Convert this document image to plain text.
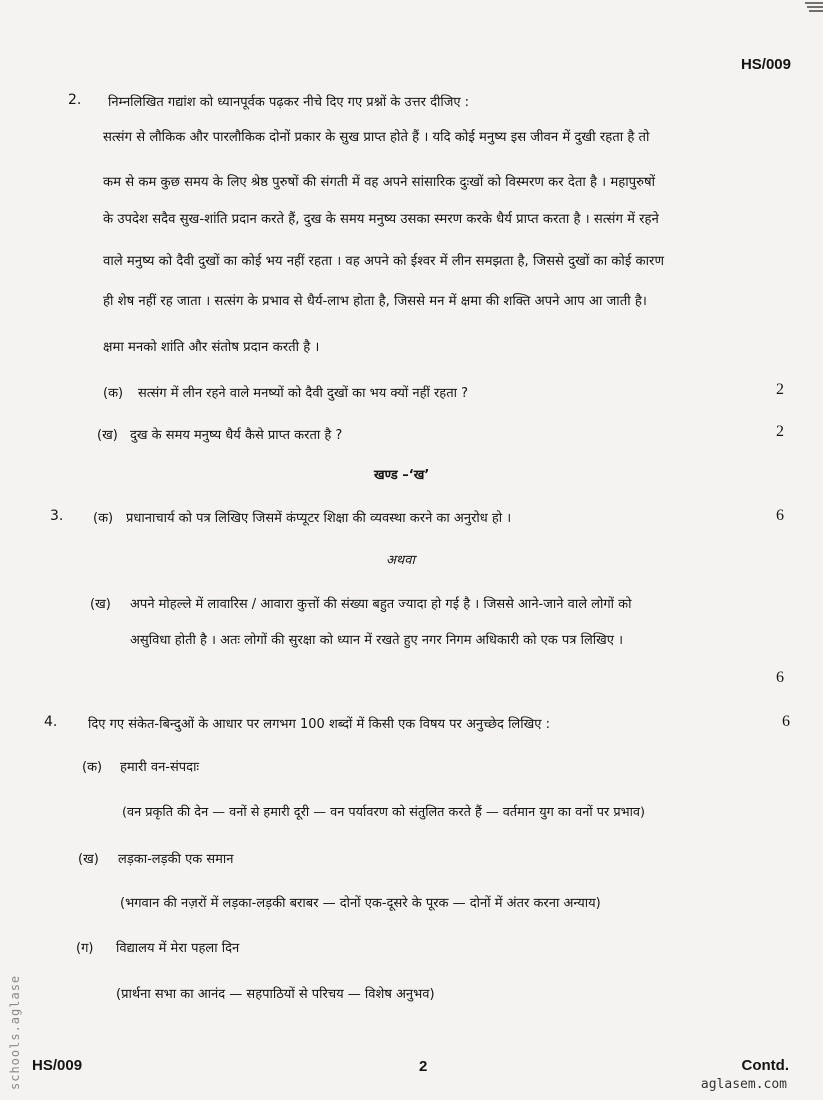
HS/009
2. निम्नलिखित गद्यांश को ध्यानपूर्वक पढ़कर नीचे दिए गए प्रश्नों के उत्तर दीजिए :
सत्संग से लौकिक और पारलौकिक दोनों प्रकार के सुख प्राप्त होते हैं । यदि कोई मनुष्य इस जीवन में दुखी रहता है तो
कम से कम कुछ समय के लिए श्रेष्ठ पुरुषों की संगती में वह अपने सांसारिक दुःखों को विस्मरण कर देता है । महापुरुषों
के उपदेश सदैव सुख-शांति प्रदान करते हैं, दुख के समय मनुष्य उसका स्मरण करके धैर्य प्राप्त करता है । सत्संग में रहने
वाले मनुष्य को दैवी दुखों का कोई भय नहीं रहता । वह अपने को ईश्वर में लीन समझता है, जिससे दुखों का कोई कारण
ही शेष नहीं रह जाता । सत्संग के प्रभाव से धैर्य-लाभ होता है, जिससे मन में क्षमा की शक्ति अपने आप आ जाती है।
क्षमा मनको शांति और संतोष प्रदान करती है ।
(क) सत्संग में लीन रहने वाले मनष्यों को दैवी दुखों का भय क्यों नहीं रहता ?	2
(ख) दुख के समय मनुष्य धैर्य कैसे प्राप्त करता है ?	2
खण्ड –‘ख’
3. (क) प्रधानाचार्य को पत्र लिखिए जिसमें कंप्यूटर शिक्षा की व्यवस्था करने का अनुरोध हो ।	6
अथवा
(ख) अपने मोहल्ले में लावारिस / आवारा कुत्तों की संख्या बहुत ज्यादा हो गई है । जिससे आने-जाने वाले लोगों को
असुविधा होती है । अतः लोगों की सुरक्षा को ध्यान में रखते हुए नगर निगम अधिकारी को एक पत्र लिखिए ।
6
4. दिए गए संकेत-बिन्दुओं के आधार पर लगभग 100 शब्दों में किसी एक विषय पर अनुच्छेद लिखिए :	6
(क) हमारी वन-संपदाः
(वन प्रकृति की देन — वनों से हमारी दूरी — वन पर्यावरण को संतुलित करते हैं — वर्तमान युग का वनों पर प्रभाव)
(ख) लड़का-लड़की एक समान
(भगवान की नज़रों में लड़का-लड़की बराबर — दोनों एक-दूसरे के पूरक — दोनों में अंतर करना अन्याय)
(ग) विद्यालय में मेरा पहला दिन
(प्रार्थना सभा का आनंद — सहपाठियों से परिचय — विशेष अनुभव)
HS/009	2	Contd.
aglasem.com
schools.aglase
